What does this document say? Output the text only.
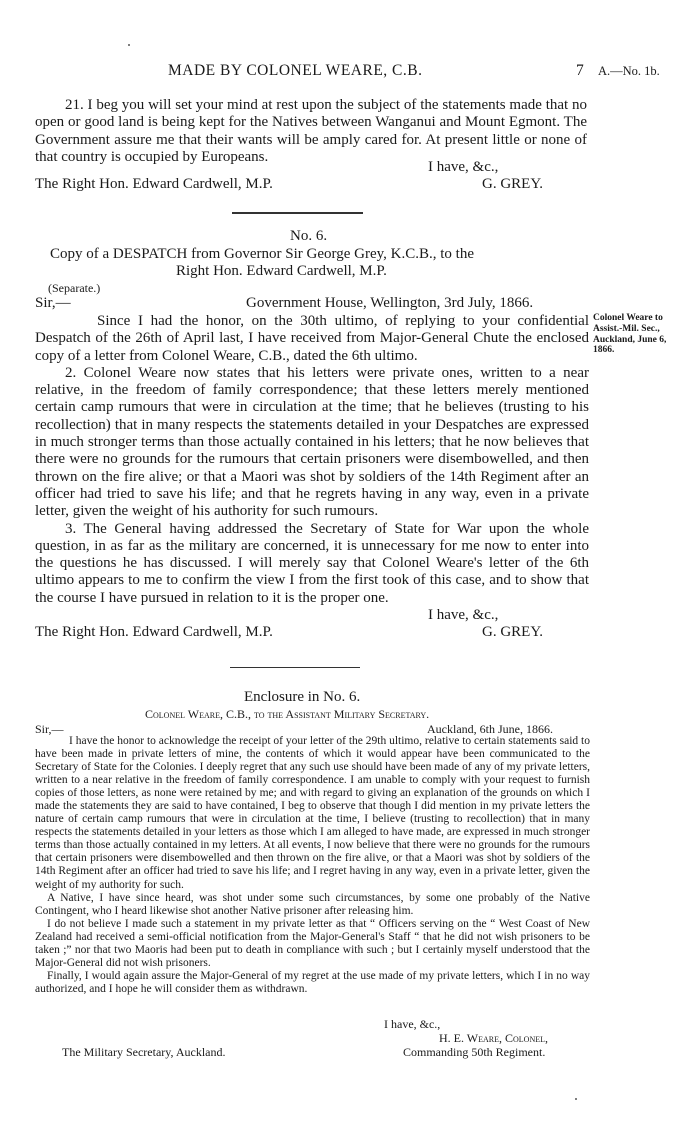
MADE BY COLONEL WEARE, C.B.	7 A.—No. 1b.

21. I beg you will set your mind at rest upon the subject of the statements made that no open or good land is being kept for the Natives between Wanganui and Mount Egmont. The Government assure me that their wants will be amply cared for. At present little or none of that country is occupied by Europeans.

I have, &c.,
The Right Hon. Edward Cardwell, M.P.	G. GREY.
No. 6.
Copy of a DESPATCH from Governor Sir George Grey, K.C.B., to the
Right Hon. Edward Cardwell, M.P.
(Separate.)
Sir,—	Government House, Wellington, 3rd July, 1866.
Colonel Weare to
Assist.-Mil. Sec.,
Auckland, June 6,
1866.

Since I had the honor, on the 30th ultimo, of replying to your confidential Despatch of the 26th of April last, I have received from Major-General Chute the enclosed copy of a letter from Colonel Weare, C.B., dated the 6th ultimo.

2. Colonel Weare now states that his letters were private ones, written to a near relative, in the freedom of family correspondence; that these letters merely mentioned certain camp rumours that were in circulation at the time; that he believes (trusting to his recollection) that in many respects the statements detailed in your Despatches are expressed in much stronger terms than those actually contained in his letters; that he now believes that there were no grounds for the rumours that certain prisoners were disembowelled, and then thrown on the fire alive; or that a Maori was shot by soldiers of the 14th Regiment after an officer had tried to save his life; and that he regrets having in any way, even in a private letter, given the weight of his authority for such rumours.

3. The General having addressed the Secretary of State for War upon the whole question, in as far as the military are concerned, it is unnecessary for me now to enter into the questions he has discussed. I will merely say that Colonel Weare's letter of the 6th ultimo appears to me to confirm the view I from the first took of this case, and to show that the course I have pursued in relation to it is the proper one.

I have, &c.,
The Right Hon. Edward Cardwell, M.P.	G. GREY.
Enclosure in No. 6.
Colonel Weare, C.B., to the Assistant Military Secretary.
Sir,—	Auckland, 6th June, 1866.

I have the honor to acknowledge the receipt of your letter of the 29th ultimo, relative to certain statements said to have been made in private letters of mine, the contents of which it would appear have been communicated to the Secretary of State for the Colonies. I deeply regret that any such use should have been made of any of my private letters, written to a near relative in the freedom of family correspondence. I am unable to comply with your request to furnish copies of those letters, as none were retained by me; and with regard to giving an explanation of the grounds on which I made the statements they are said to have contained, I beg to observe that though I did mention in my private letters the nature of certain camp rumours that were in circulation at the time, I believe (trusting to recollection) that in many respects the statements detailed in your letters as those which I am alleged to have made, are expressed in much stronger terms than those actually contained in my letters. At all events, I now believe that there were no grounds for the rumours that certain prisoners were disembowelled and then thrown on the fire alive, or that a Maori was shot by soldiers of the 14th Regiment after an officer had tried to save his life; and I regret having in any way, even in a private letter, given the weight of my authority for such.

A Native, I have since heard, was shot under some such circumstances, by some one probably of the Native Contingent, who I heard likewise shot another Native prisoner after releasing him.

I do not believe I made such a statement in my private letter as that “ Officers serving on the “ West Coast of New Zealand had received a semi-official notification from the Major-General's Staff “ that he did not wish prisoners to be taken ;” nor that two Maoris had been put to death in compliance with such ; but I certainly myself understood that the Major-General did not wish prisoners.

Finally, I would again assure the Major-General of my regret at the use made of my private letters, which I in no way authorized, and I hope he will consider them as withdrawn.

I have, &c.,
H. E. Weare, Colonel,
Commanding 50th Regiment.
The Military Secretary, Auckland.
